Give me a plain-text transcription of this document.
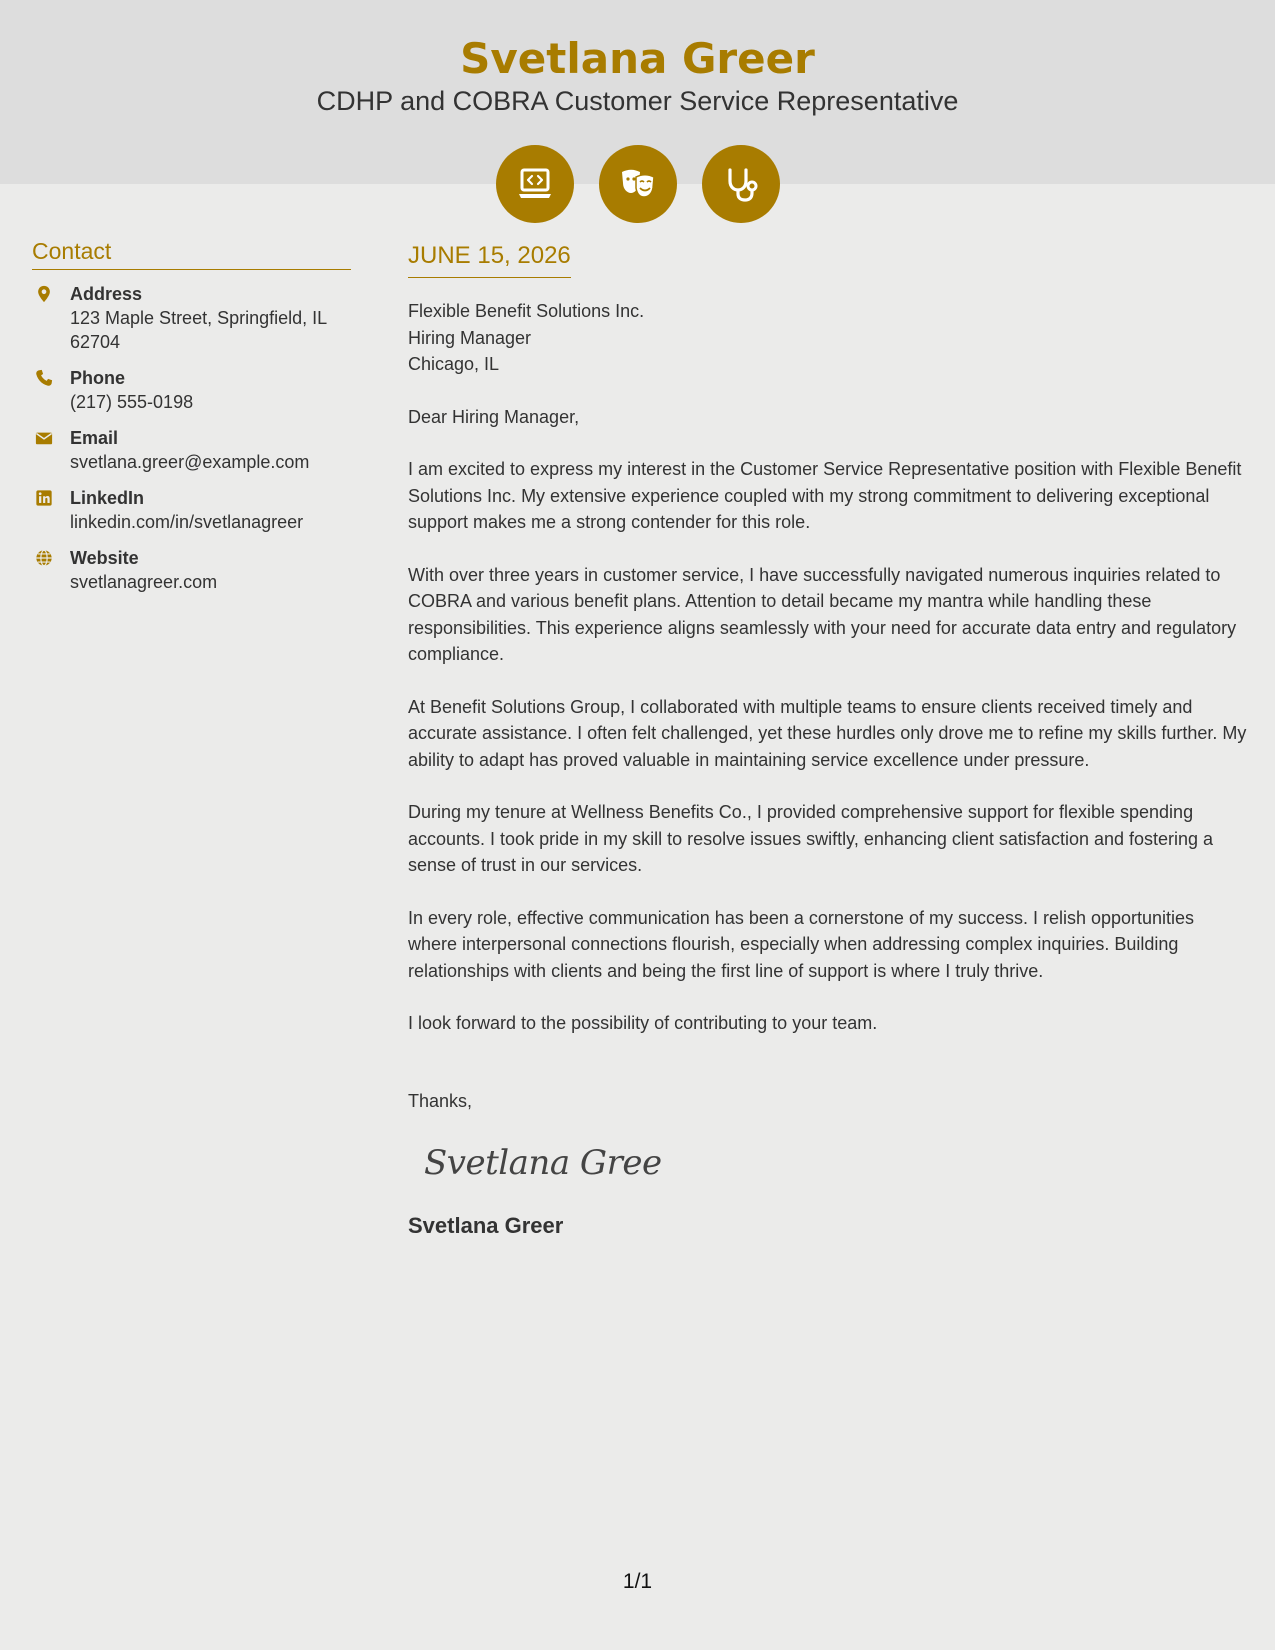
Svetlana Greer
CDHP and COBRA Customer Service Representative
Contact
Address
123 Maple Street, Springfield, IL 62704
Phone
(217) 555-0198
Email
svetlana.greer@example.com
LinkedIn
linkedin.com/in/svetlanagreer
Website
svetlanagreer.com
JUNE 15, 2026
Flexible Benefit Solutions Inc.
Hiring Manager
Chicago, IL
Dear Hiring Manager,
I am excited to express my interest in the Customer Service Representative position with Flexible Benefit Solutions Inc. My extensive experience coupled with my strong commitment to delivering exceptional support makes me a strong contender for this role.
With over three years in customer service, I have successfully navigated numerous inquiries related to COBRA and various benefit plans. Attention to detail became my mantra while handling these responsibilities. This experience aligns seamlessly with your need for accurate data entry and regulatory compliance.
At Benefit Solutions Group, I collaborated with multiple teams to ensure clients received timely and accurate assistance. I often felt challenged, yet these hurdles only drove me to refine my skills further. My ability to adapt has proved valuable in maintaining service excellence under pressure.
During my tenure at Wellness Benefits Co., I provided comprehensive support for flexible spending accounts. I took pride in my skill to resolve issues swiftly, enhancing client satisfaction and fostering a sense of trust in our services.
In every role, effective communication has been a cornerstone of my success. I relish opportunities where interpersonal connections flourish, especially when addressing complex inquiries. Building relationships with clients and being the first line of support is where I truly thrive.
I look forward to the possibility of contributing to your team.
Thanks,
Svetlana Greer
Svetlana Greer
1/1
